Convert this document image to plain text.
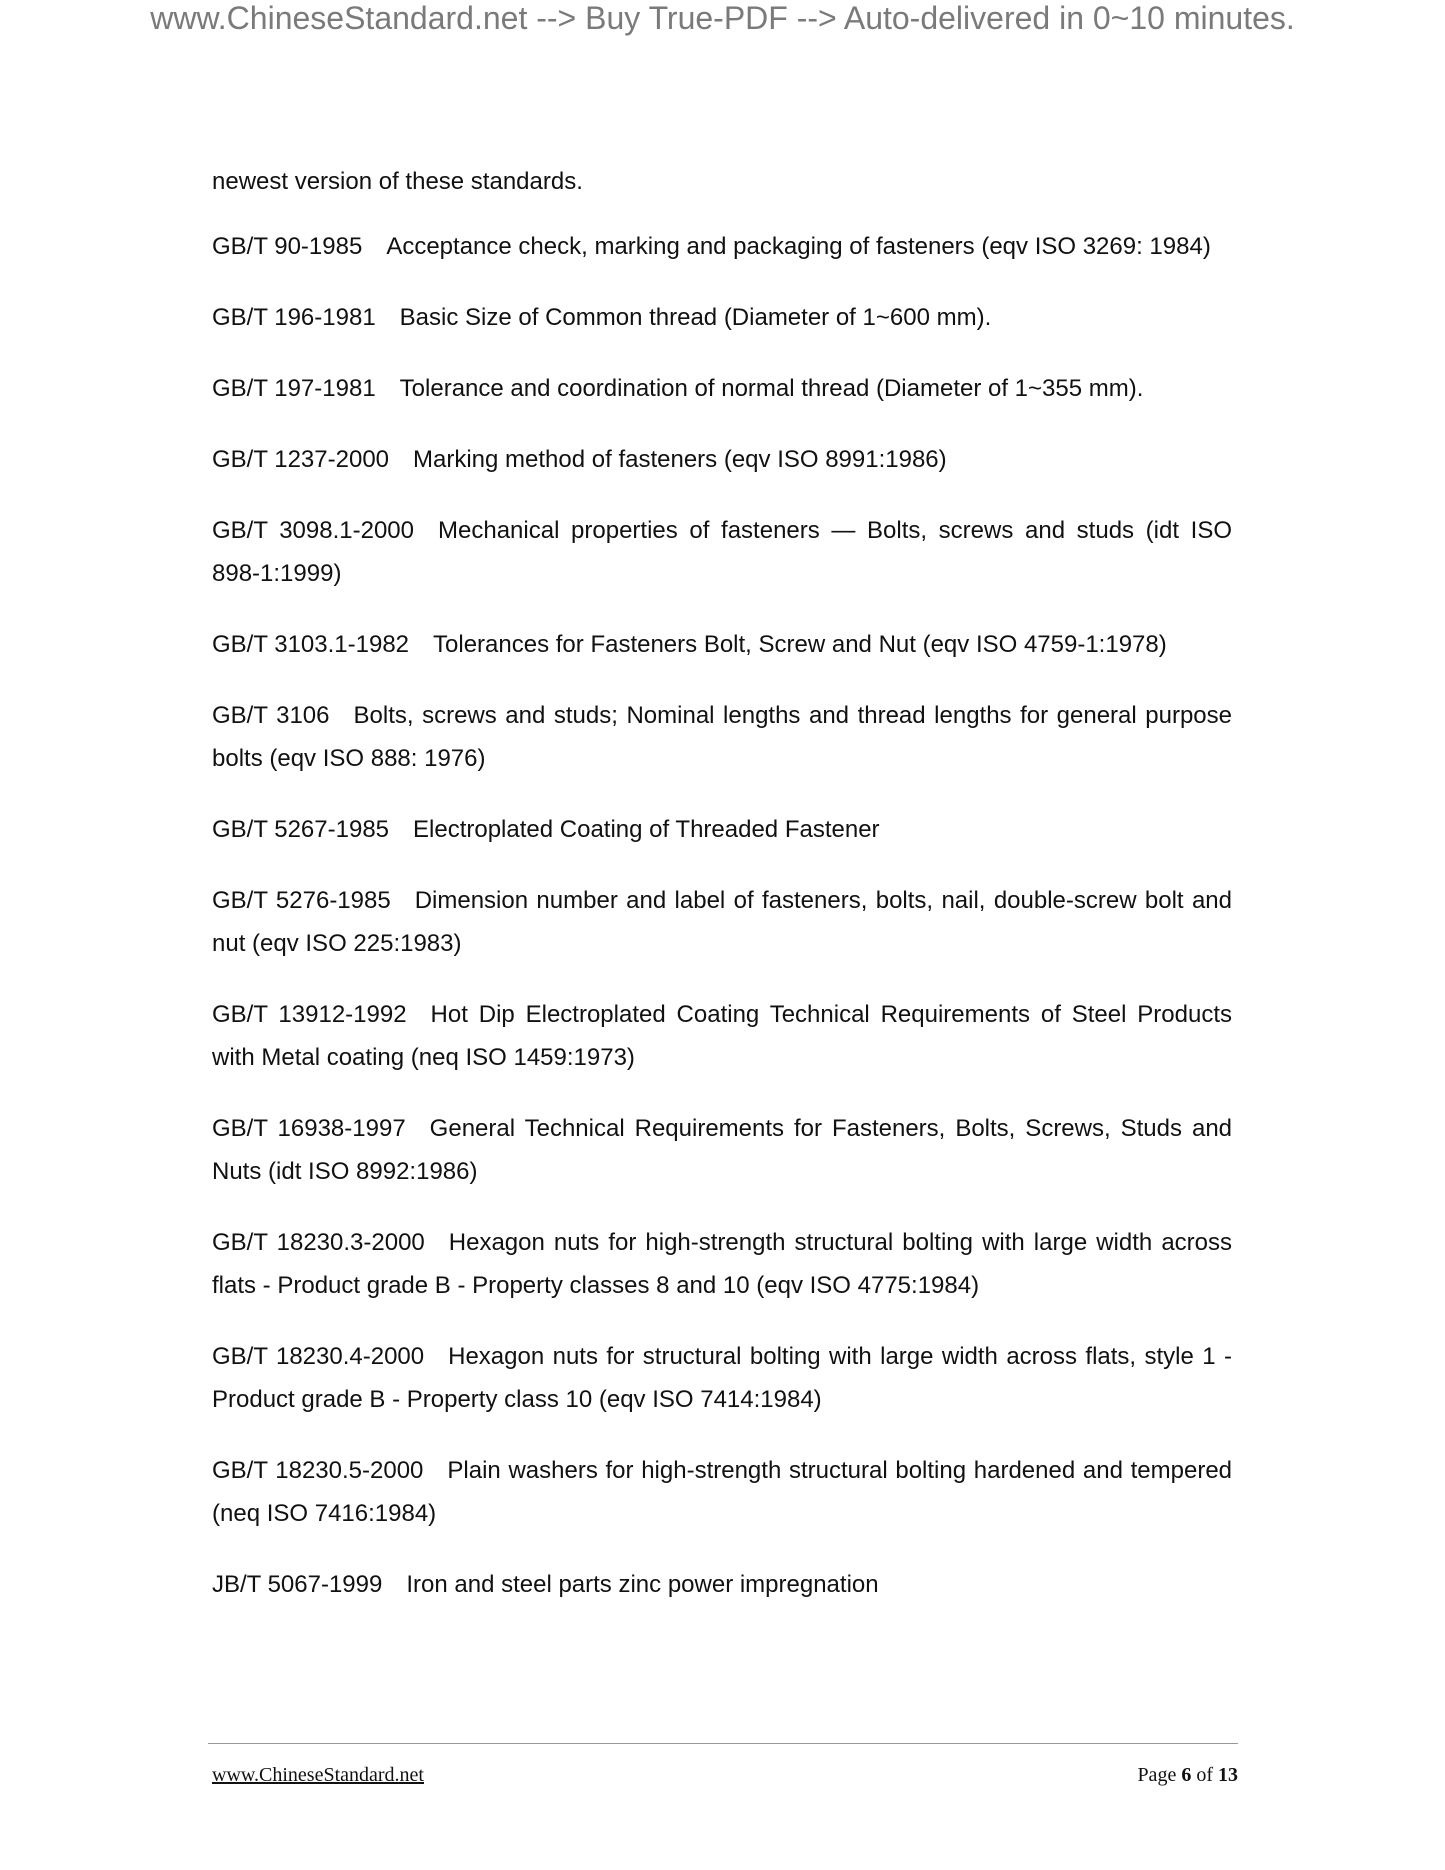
www.ChineseStandard.net --> Buy True-PDF --> Auto-delivered in 0~10 minutes.

newest version of these standards.

GB/T 90-1985 Acceptance check, marking and packaging of fasteners (eqv ISO 3269: 1984)

GB/T 196-1981 Basic Size of Common thread (Diameter of 1~600 mm).

GB/T 197-1981 Tolerance and coordination of normal thread (Diameter of 1~355 mm).

GB/T 1237-2000 Marking method of fasteners (eqv ISO 8991:1986)

GB/T 3098.1-2000 Mechanical properties of fasteners — Bolts, screws and studs (idt ISO 898-1:1999)

GB/T 3103.1-1982 Tolerances for Fasteners Bolt, Screw and Nut (eqv ISO 4759-1:1978)

GB/T 3106 Bolts, screws and studs; Nominal lengths and thread lengths for general purpose bolts (eqv ISO 888: 1976)

GB/T 5267-1985 Electroplated Coating of Threaded Fastener

GB/T 5276-1985 Dimension number and label of fasteners, bolts, nail, double-screw bolt and nut (eqv ISO 225:1983)

GB/T 13912-1992 Hot Dip Electroplated Coating Technical Requirements of Steel Products with Metal coating (neq ISO 1459:1973)

GB/T 16938-1997 General Technical Requirements for Fasteners, Bolts, Screws, Studs and Nuts (idt ISO 8992:1986)

GB/T 18230.3-2000 Hexagon nuts for high-strength structural bolting with large width across flats - Product grade B - Property classes 8 and 10 (eqv ISO 4775:1984)

GB/T 18230.4-2000 Hexagon nuts for structural bolting with large width across flats, style 1 - Product grade B - Property class 10 (eqv ISO 7414:1984)

GB/T 18230.5-2000 Plain washers for high-strength structural bolting hardened and tempered (neq ISO 7416:1984)

JB/T 5067-1999 Iron and steel parts zinc power impregnation

www.ChineseStandard.net	Page 6 of 13
